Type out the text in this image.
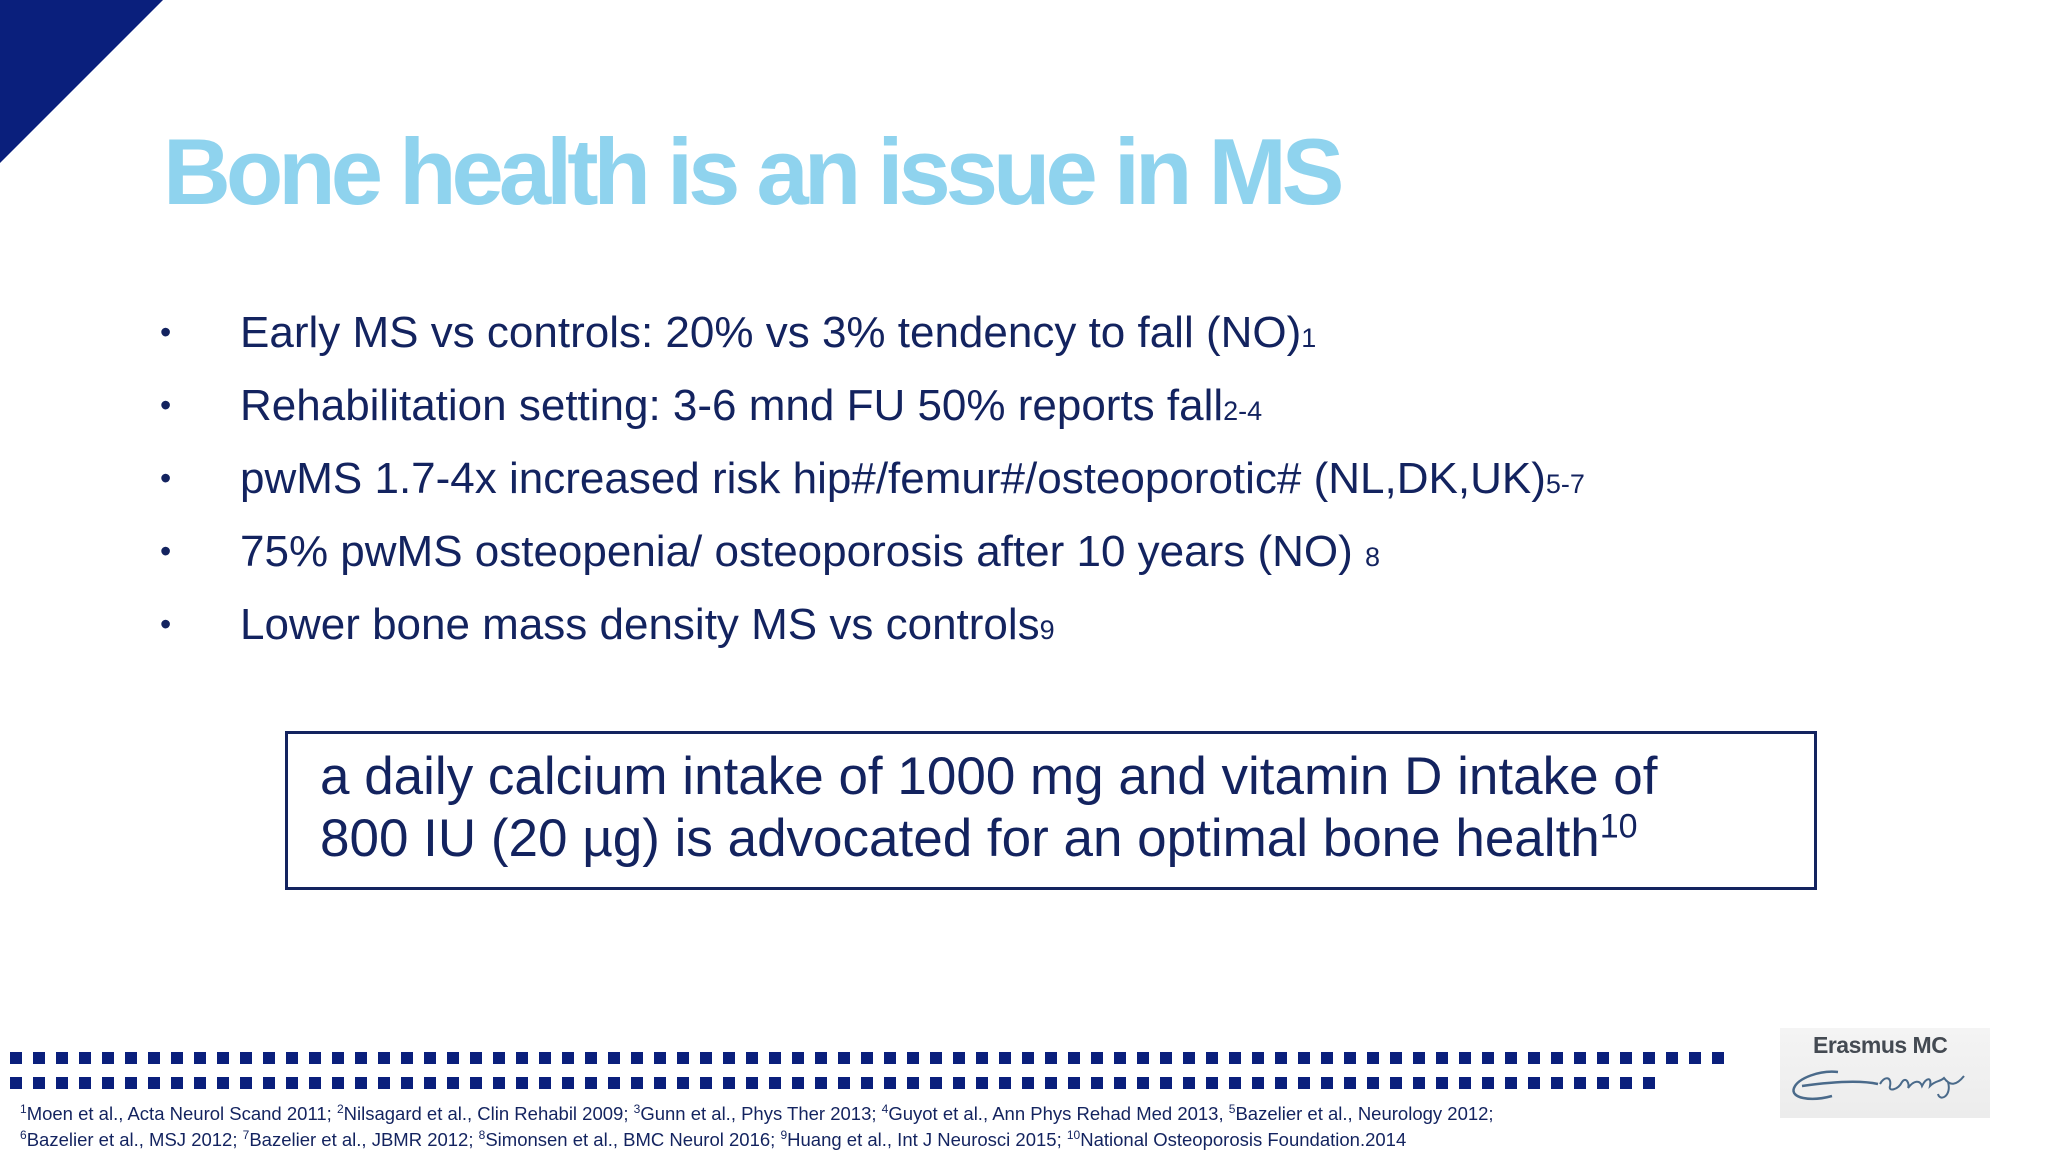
Bone health is an issue in MS
•	Early MS vs controls: 20% vs 3% tendency to fall (NO) 1
•	Rehabilitation setting: 3-6 mnd FU 50% reports fall 2-4
•	pwMS 1.7-4x increased risk hip#/femur#/osteoporotic# (NL,DK,UK) 5-7
•	75% pwMS osteopenia/ osteoporosis after 10 years (NO) 8
•	Lower bone mass density MS vs controls 9
a daily calcium intake of 1000 mg and vitamin D intake of
800 IU (20 µg) is advocated for an optimal bone health$^{10}$
$^1$Moen et al., Acta Neurol Scand 2011; $^2$Nilsagard et al., Clin Rehabil 2009; $^3$Gunn et al., Phys Ther 2013; $^4$Guyot et al., Ann Phys Rehad Med 2013, $^5$Bazelier et al., Neurology 2012;
$^6$Bazelier et al., MSJ 2012; $^7$Bazelier et al., JBMR 2012; $^8$Simonsen et al., BMC Neurol 2016; $^9$Huang et al., Int J Neurosci 2015; $^{10}$National Osteoporosis Foundation.2014
Erasmus MC
